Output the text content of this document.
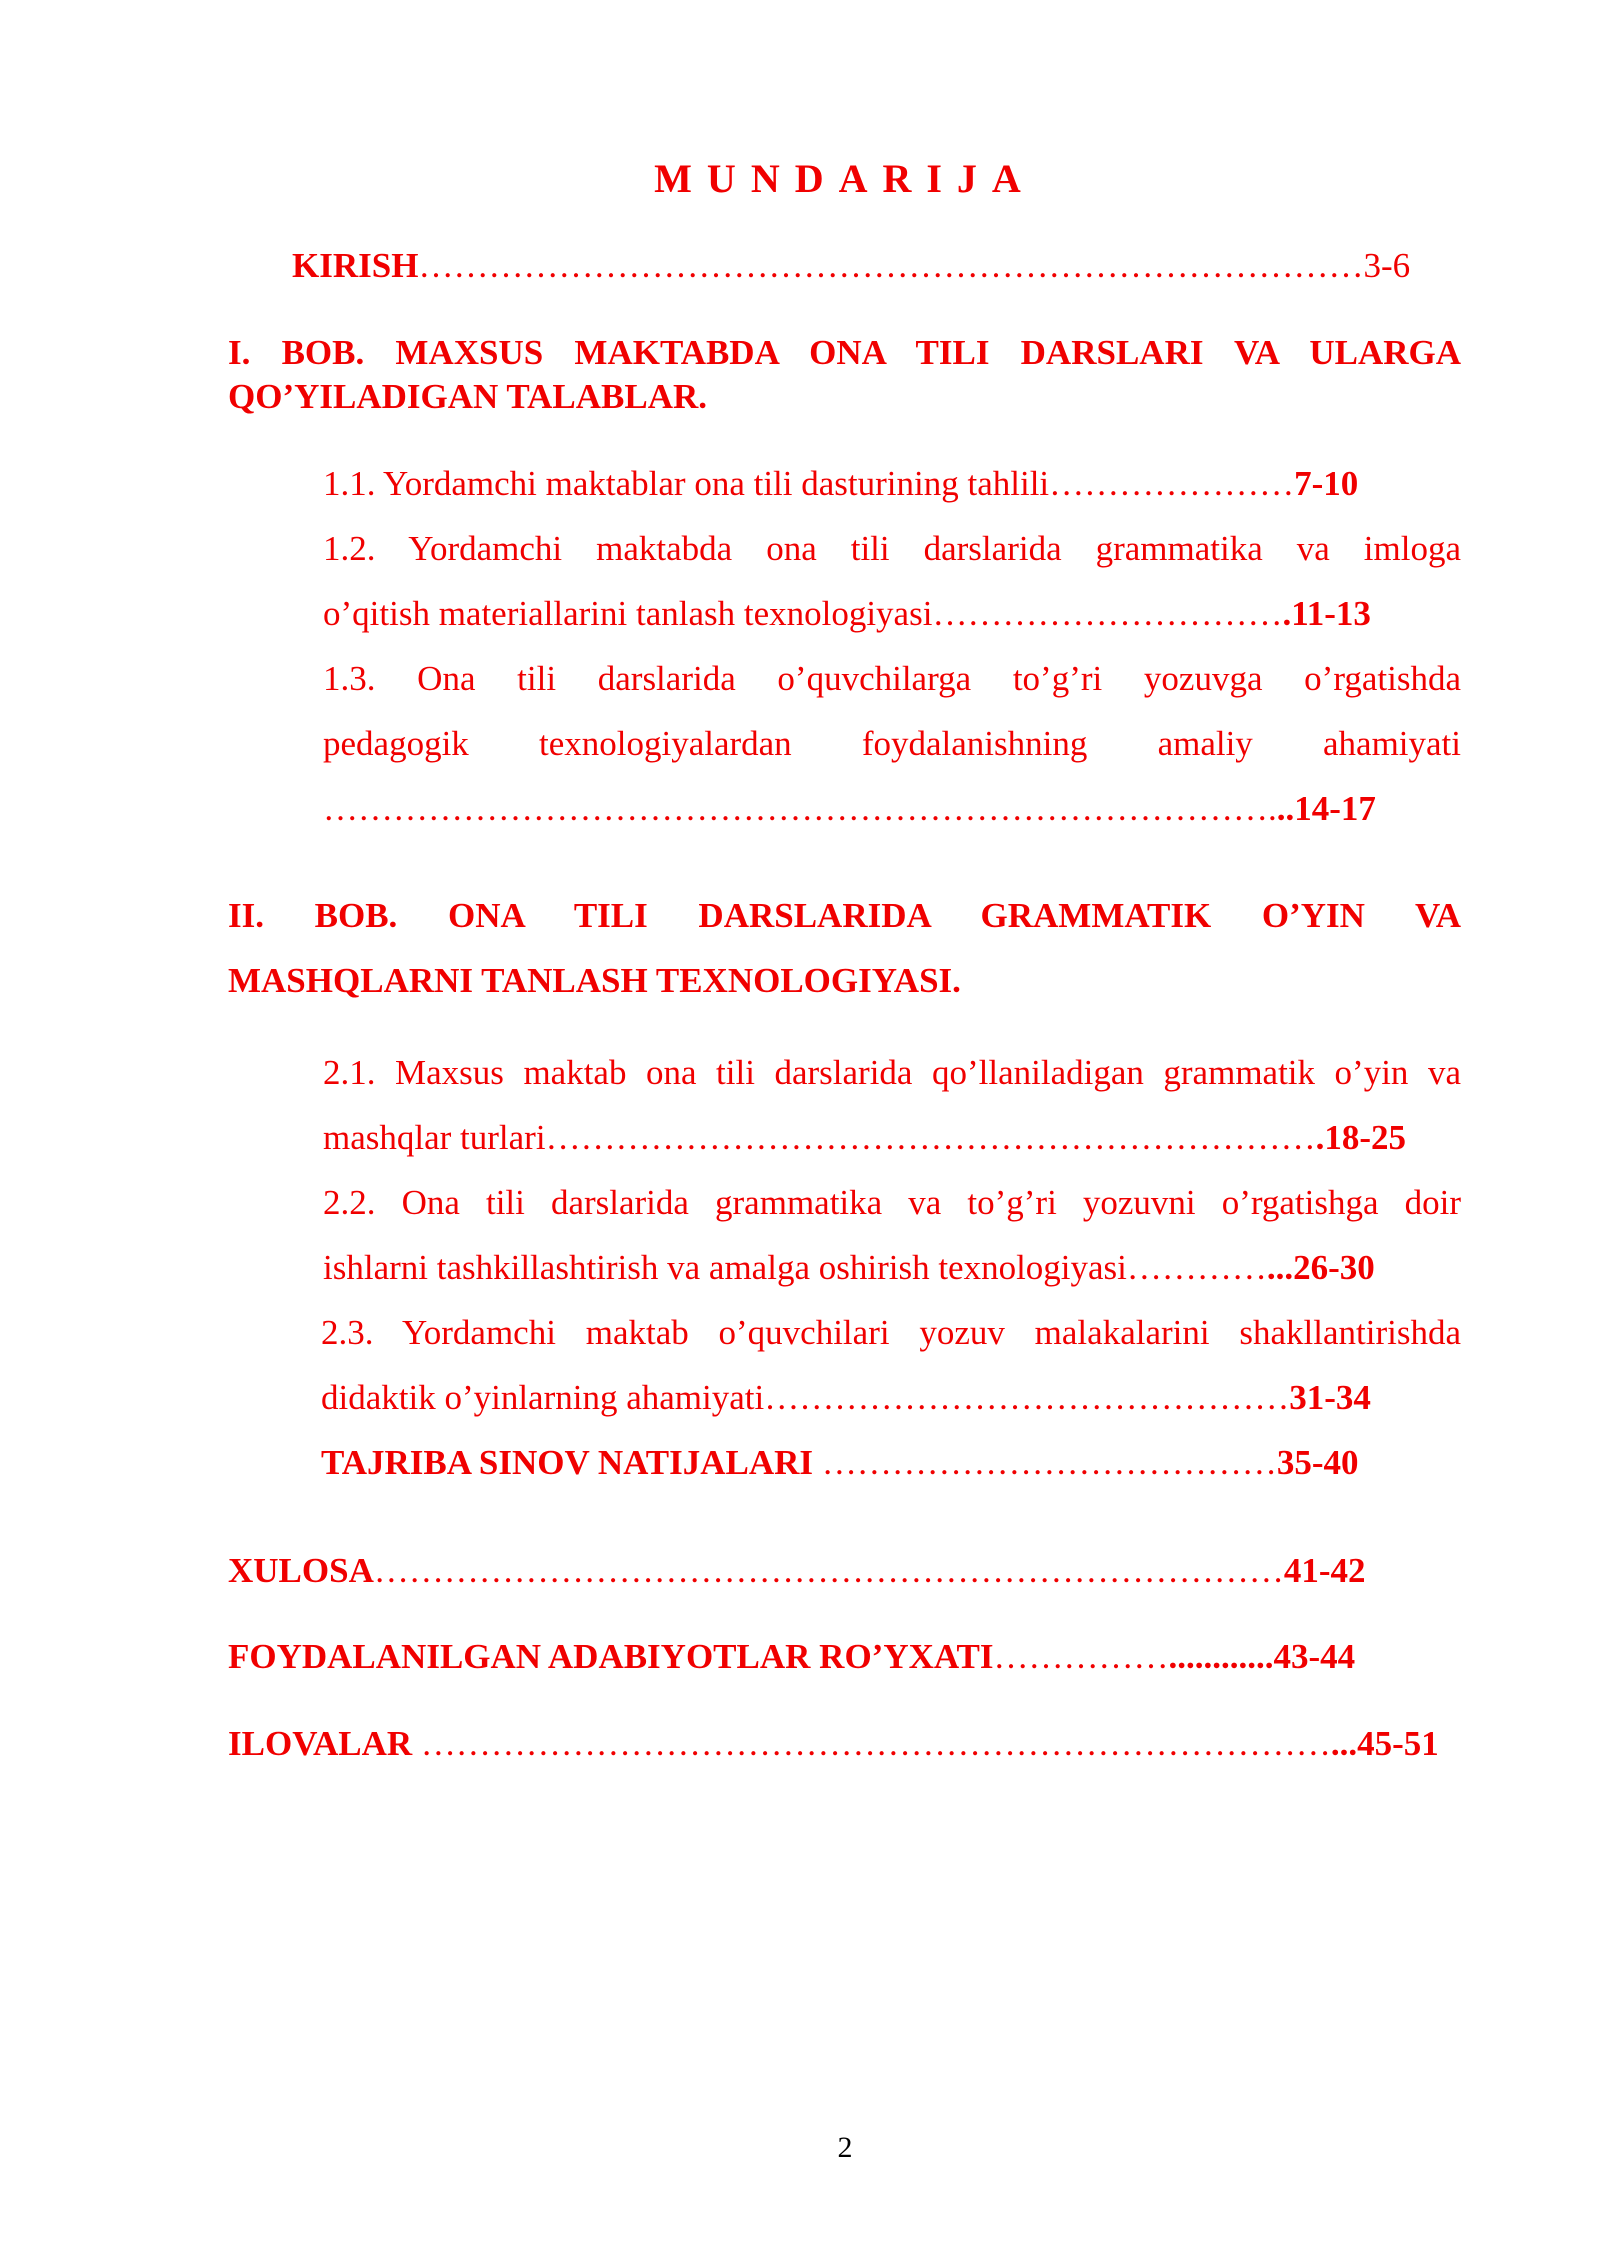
MUNDARIJA
KIRISH………………………………………………………………………3-6
I. BOB. MAXSUS MAKTABDA ONA TILI DARSLARI VA ULARGA
QO’YILADIGAN TALABLAR.
1.1. Yordamchi maktablar ona tili dasturining tahlili…………………7-10
1.2. Yordamchi maktabda ona tili darslarida grammatika va imloga
o’qitish materiallarini tanlash texnologiyasi………………………….11-13
1.3. Ona tili darslarida o’quvchilarga to’g’ri yozuvga o’rgatishda
pedagogik texnologiyalardan foydalanishning amaliy ahamiyati
………………………………………………………………………...14-17
II. BOB. ONA TILI DARSLARIDA GRAMMATIK O’YIN VA
MASHQLARNI TANLASH TEXNOLOGIYASI.
2.1. Maxsus maktab ona tili darslarida qo’llaniladigan grammatik o’yin va
mashqlar turlari………………………………………………………….18-25
2.2. Ona tili darslarida grammatika va to’g’ri yozuvni o’rgatishga doir
ishlarni tashkillashtirish va amalga oshirish texnologiyasi…………...26-30
2.3. Yordamchi maktab o’quvchilari yozuv malakalarini shakllantirishda
didaktik o’yinlarning ahamiyati………………………………………31-34
TAJRIBA SINOV NATIJALARI …………………………………35-40
XULOSA……………………………………………………………………41-42
FOYDALANILGAN ADABIYOTLAR RO’YXATI……………............43-44
ILOVALAR ……………………………………………………………………...45-51
2
